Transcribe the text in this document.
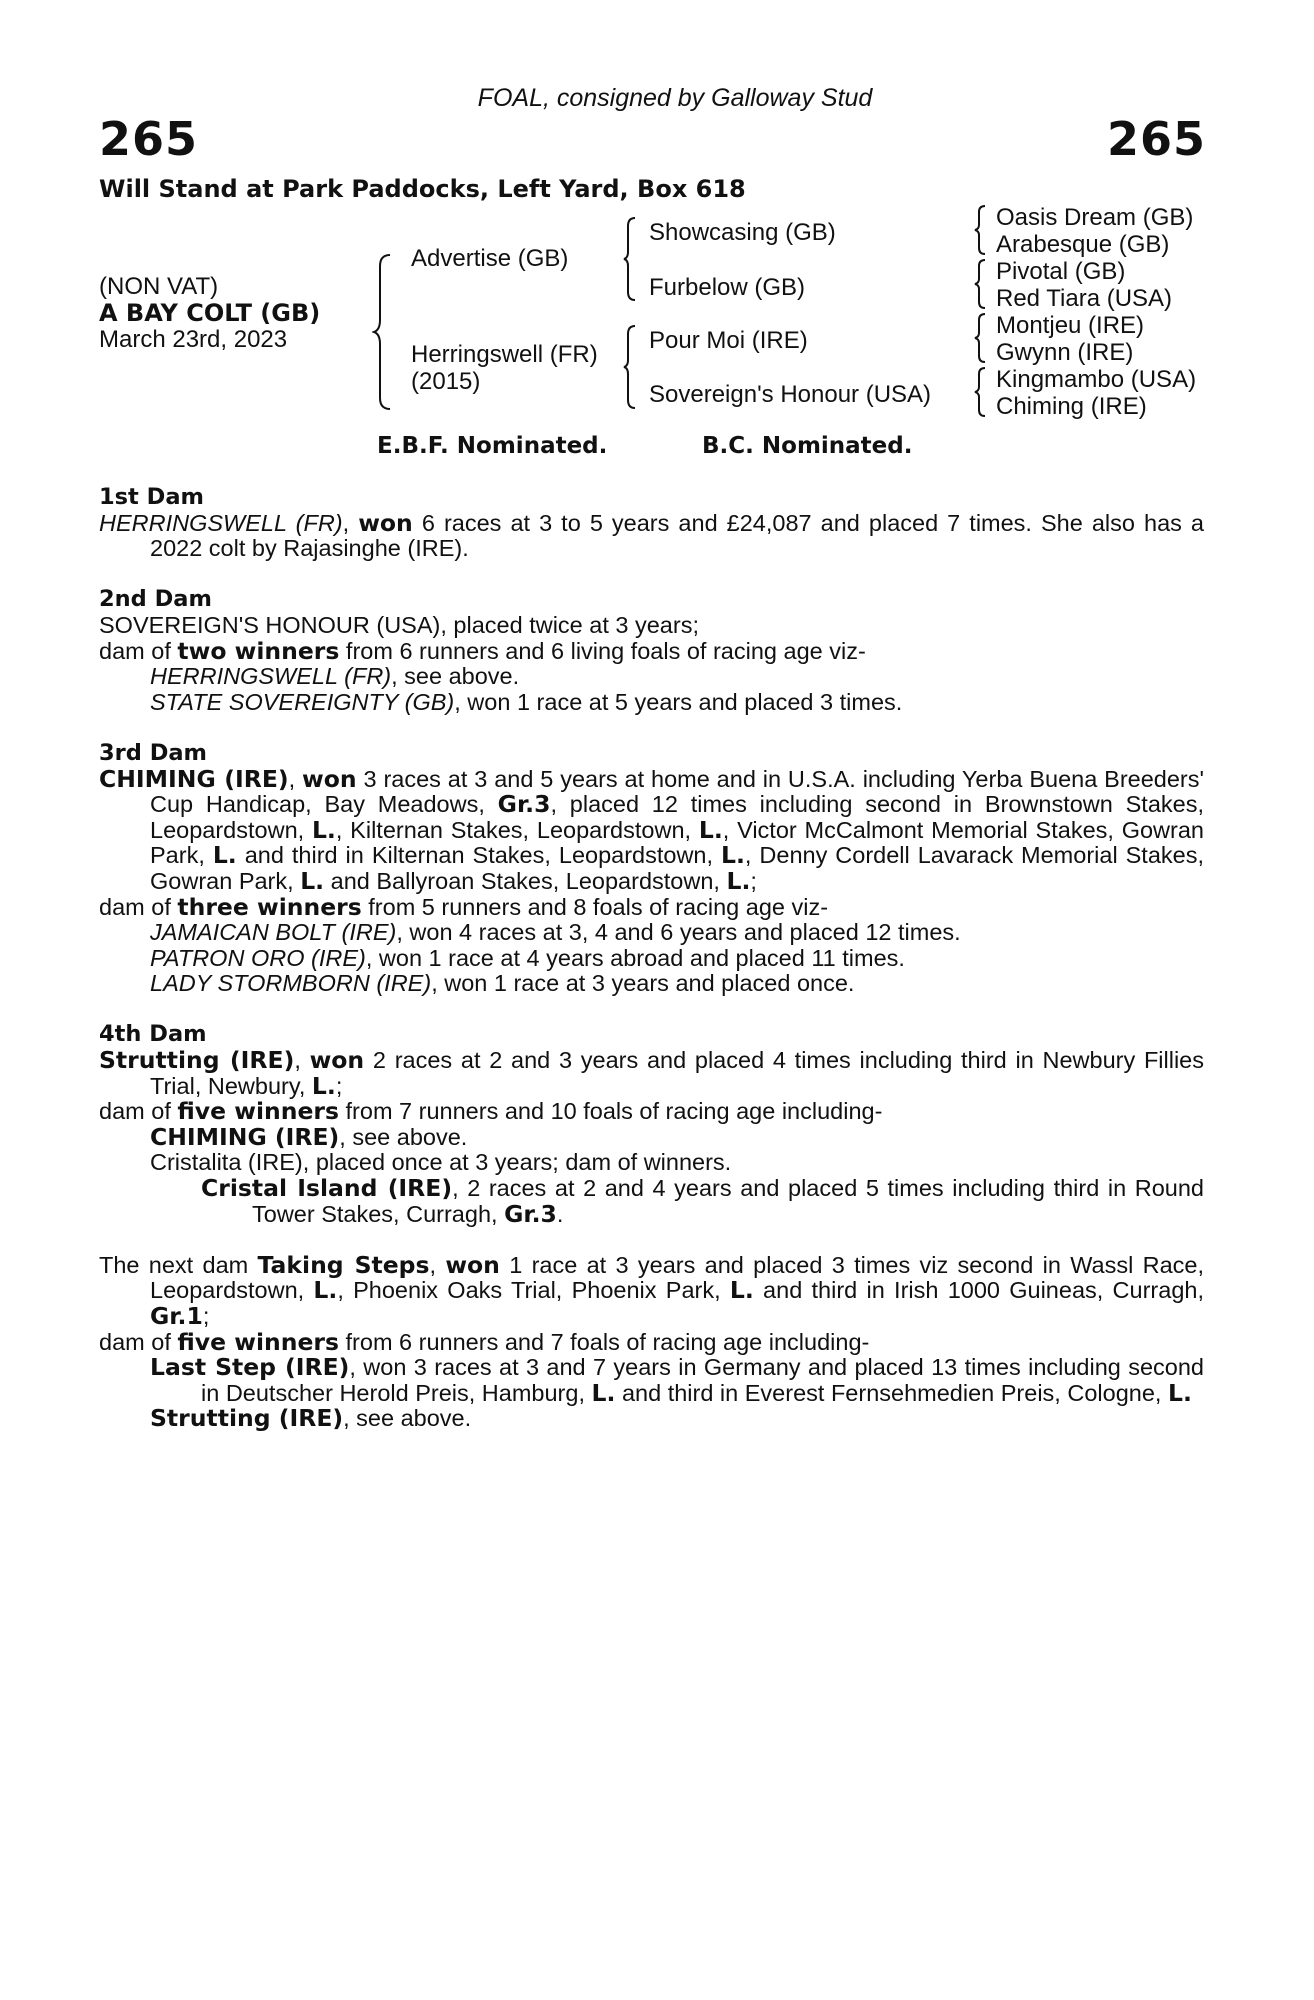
FOAL, consigned by Galloway Stud
265	265
Will Stand at Park Paddocks, Left Yard, Box 618
(NON VAT)
A BAY COLT (GB)
March 23rd, 2023
Advertise (GB)
Herringswell (FR)
(2015)
Showcasing (GB)
Furbelow (GB)
Pour Moi (IRE)
Sovereign's Honour (USA)
Oasis Dream (GB)
Arabesque (GB)
Pivotal (GB)
Red Tiara (USA)
Montjeu (IRE)
Gwynn (IRE)
Kingmambo (USA)
Chiming (IRE)
E.B.F. Nominated.	B.C. Nominated.

1st Dam

HERRINGSWELL (FR), won 6 races at 3 to 5 years and £24,087 and placed 7 times. She also has a 2022 colt by Rajasinghe (IRE).

2nd Dam

SOVEREIGN'S HONOUR (USA), placed twice at 3 years;

dam of two winners from 6 runners and 6 living foals of racing age viz-

HERRINGSWELL (FR), see above.

STATE SOVEREIGNTY (GB), won 1 race at 5 years and placed 3 times.

3rd Dam

CHIMING (IRE), won 3 races at 3 and 5 years at home and in U.S.A. including Yerba Buena Breeders' Cup Handicap, Bay Meadows, Gr.3, placed 12 times including second in Brownstown Stakes, Leopardstown, L., Kilternan Stakes, Leopardstown, L., Victor McCalmont Memorial Stakes, Gowran Park, L. and third in Kilternan Stakes, Leopardstown, L., Denny Cordell Lavarack Memorial Stakes, Gowran Park, L. and Ballyroan Stakes, Leopardstown, L.;

dam of three winners from 5 runners and 8 foals of racing age viz-

JAMAICAN BOLT (IRE), won 4 races at 3, 4 and 6 years and placed 12 times.

PATRON ORO (IRE), won 1 race at 4 years abroad and placed 11 times.

LADY STORMBORN (IRE), won 1 race at 3 years and placed once.

4th Dam

Strutting (IRE), won 2 races at 2 and 3 years and placed 4 times including third in Newbury Fillies Trial, Newbury, L.;

dam of five winners from 7 runners and 10 foals of racing age including-

CHIMING (IRE), see above.

Cristalita (IRE), placed once at 3 years; dam of winners.

Cristal Island (IRE), 2 races at 2 and 4 years and placed 5 times including third in Round Tower Stakes, Curragh, Gr.3.

The next dam Taking Steps, won 1 race at 3 years and placed 3 times viz second in Wassl Race, Leopardstown, L., Phoenix Oaks Trial, Phoenix Park, L. and third in Irish 1000 Guineas, Curragh, Gr.1;

dam of five winners from 6 runners and 7 foals of racing age including-

Last Step (IRE), won 3 races at 3 and 7 years in Germany and placed 13 times including second in Deutscher Herold Preis, Hamburg, L. and third in Everest Fernsehmedien Preis, Cologne, L.

Strutting (IRE), see above.
